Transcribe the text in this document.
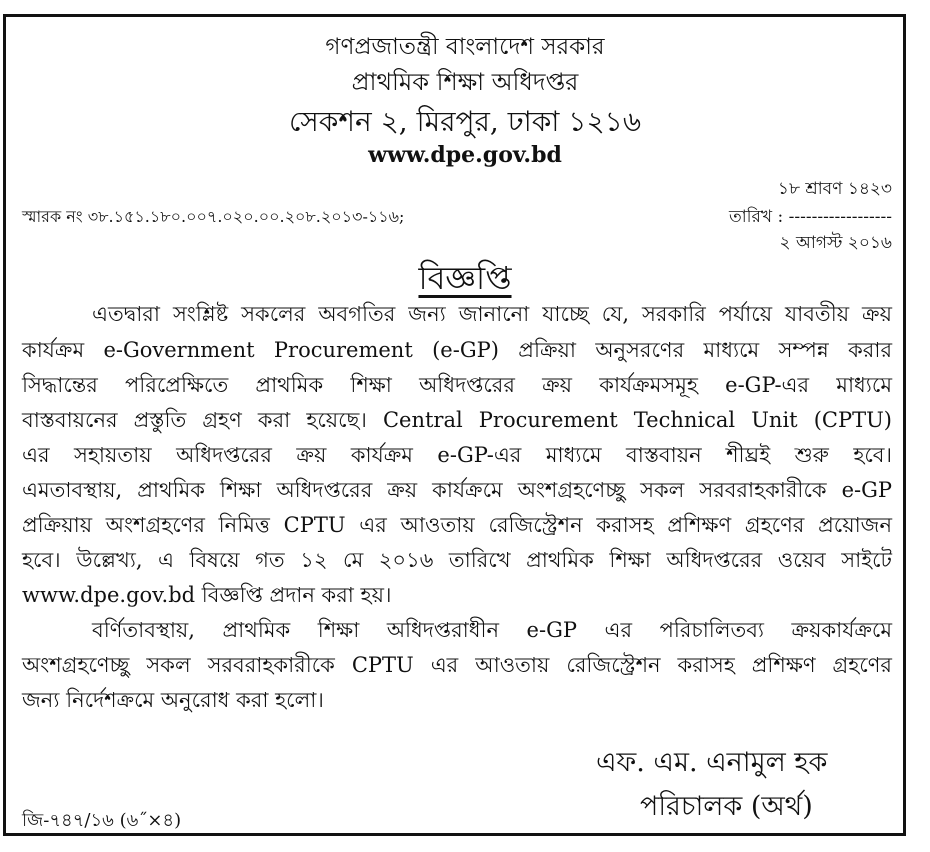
গণপ্রজাতন্ত্রী বাংলাদেশ সরকার
প্রাথমিক শিক্ষা অধিদপ্তর
সেকশন ২, মিরপুর, ঢাকা ১২১৬
www.dpe.gov.bd
১৮ শ্রাবণ ১৪২৩
স্মারক নং ৩৮.১৫১.১৮০.০০৭.০২০.০০.২০৮.২০১৩-১১৬;	তারিখ : ------------------
২ আগস্ট ২০১৬
বিজ্ঞপ্তি
এতদ্বারা সংশ্লিষ্ট সকলের অবগতির জন্য জানানো যাচ্ছে যে, সরকারি পর্যায়ে যাবতীয় ক্রয়
কার্যক্রম e-Government Procurement (e-GP) প্রক্রিয়া অনুসরণের মাধ্যমে সম্পন্ন করার
সিদ্ধান্তের পরিপ্রেক্ষিতে প্রাথমিক শিক্ষা অধিদপ্তরের ক্রয় কার্যক্রমসমূহ e-GP-এর মাধ্যমে
বাস্তবায়নের প্রস্তুতি গ্রহণ করা হয়েছে। Central Procurement Technical Unit (CPTU)
এর সহায়তায় অধিদপ্তরের ক্রয় কার্যক্রম e-GP-এর মাধ্যমে বাস্তবায়ন শীঘ্রই শুরু হবে।
এমতাবস্থায়, প্রাথমিক শিক্ষা অধিদপ্তরের ক্রয় কার্যক্রমে অংশগ্রহণেচ্ছু সকল সরবরাহকারীকে e-GP
প্রক্রিয়ায় অংশগ্রহণের নিমিত্ত CPTU এর আওতায় রেজিস্ট্রেশন করাসহ প্রশিক্ষণ গ্রহণের প্রয়োজন
হবে। উল্লেখ্য, এ বিষয়ে গত ১২ মে ২০১৬ তারিখে প্রাথমিক শিক্ষা অধিদপ্তরের ওয়েব সাইটে
www.dpe.gov.bd বিজ্ঞপ্তি প্রদান করা হয়।
বর্ণিতাবস্থায়, প্রাথমিক শিক্ষা অধিদপ্তরাধীন e-GP এর পরিচালিতব্য ক্রয়কার্যক্রমে
অংশগ্রহণেচ্ছু সকল সরবরাহকারীকে CPTU এর আওতায় রেজিস্ট্রেশন করাসহ প্রশিক্ষণ গ্রহণের
জন্য নির্দেশক্রমে অনুরোধ করা হলো।
এফ. এম. এনামুল হক
পরিচালক (অর্থ)
জি-৭৪৭/১৬ (৬˝×৪)
